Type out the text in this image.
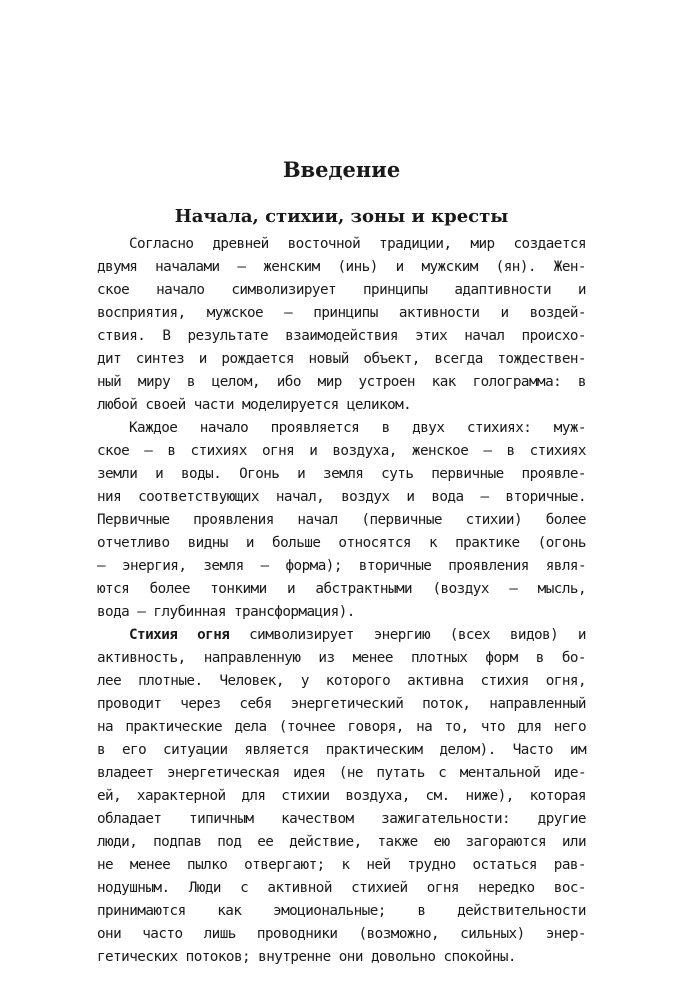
Введение
Начала, стихии, зоны и кресты
Согласно древней восточной традиции, мир создается
двумя началами – женским (инь) и мужским (ян). Жен-
ское начало символизирует принципы адаптивности и
восприятия, мужское – принципы активности и воздей-
ствия. В результате взаимодействия этих начал происхо-
дит синтез и рождается новый объект, всегда тождествен-
ный миру в целом, ибо мир устроен как голограмма: в
любой своей части моделируется целиком.
Каждое начало проявляется в двух стихиях: муж-
ское – в стихиях огня и воздуха, женское – в стихиях
земли и воды. Огонь и земля суть первичные проявле-
ния соответствующих начал, воздух и вода – вторичные.
Первичные проявления начал (первичные стихии) более
отчетливо видны и больше относятся к практике (огонь
– энергия, земля – форма); вторичные проявления явля-
ются более тонкими и абстрактными (воздух – мысль,
вода – глубинная трансформация).
Стихия огня символизирует энергию (всех видов) и
активность, направленную из менее плотных форм в бо-
лее плотные. Человек, у которого активна стихия огня,
проводит через себя энергетический поток, направленный
на практические дела (точнее говоря, на то, что для него
в его ситуации является практическим делом). Часто им
владеет энергетическая идея (не путать с ментальной иде-
ей, характерной для стихии воздуха, см. ниже), которая
обладает типичным качеством зажигательности: другие
люди, подпав под ее действие, также ею загораются или
не менее пылко отвергают; к ней трудно остаться рав-
нодушным. Люди с активной стихией огня нередко вос-
принимаются как эмоциональные; в действительности
они часто лишь проводники (возможно, сильных) энер-
гетических потоков; внутренне они довольно спокойны.
